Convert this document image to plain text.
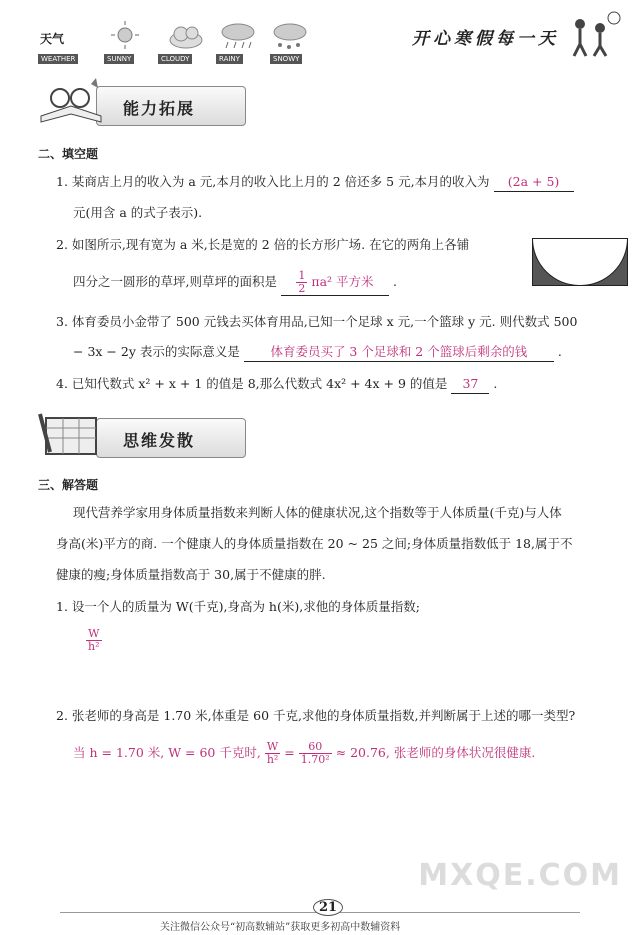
天气
WEATHER	SUNNY	CLOUDY	RAINY	SNOWY
开心寒假每一天
能力拓展
二、填空题
1. 某商店上月的收入为 a 元,本月的收入比上月的 2 倍还多 5 元,本月的收入为 (2a + 5)
元(用含 a 的式子表示).
2. 如图所示,现有宽为 a 米,长是宽的 2 倍的长方形广场. 在它的两角上各铺
四分之一圆形的草坪,则草坪的面积是 $\frac{1}{2} \pi a^2$ 平方米 .
3. 体育委员小金带了 500 元钱去买体育用品,已知一个足球 x 元,一个篮球 y 元. 则代数式 500
− 3x − 2y 表示的实际意义是 体育委员买了 3 个足球和 2 个篮球后剩余的钱 .
4. 已知代数式 x² + x + 1 的值是 8,那么代数式 4x² + 4x + 9 的值是 37 .
思维发散
三、解答题
现代营养学家用身体质量指数来判断人体的健康状况,这个指数等于人体质量(千克)与人体
身高(米)平方的商. 一个健康人的身体质量指数在 20 ~ 25 之间;身体质量指数低于 18,属于不
健康的瘦;身体质量指数高于 30,属于不健康的胖.
1. 设一个人的质量为 W(千克),身高为 h(米),求他的身体质量指数;
$\frac{W}{\text{h²}}$
2. 张老师的身高是 1.70 米,体重是 60 千克,求他的身体质量指数,并判断属于上述的哪一类型?
当 h = 1.70 米, W = 60 千克时, $\frac{W}{\text{h²}} = \frac{60}{\text{1.70²}} \approx 20.76$, 张老师的身体状况很健康.
MXQE.COM
21
关注微信公众号“初高数辅站”获取更多初高中数辅资料
